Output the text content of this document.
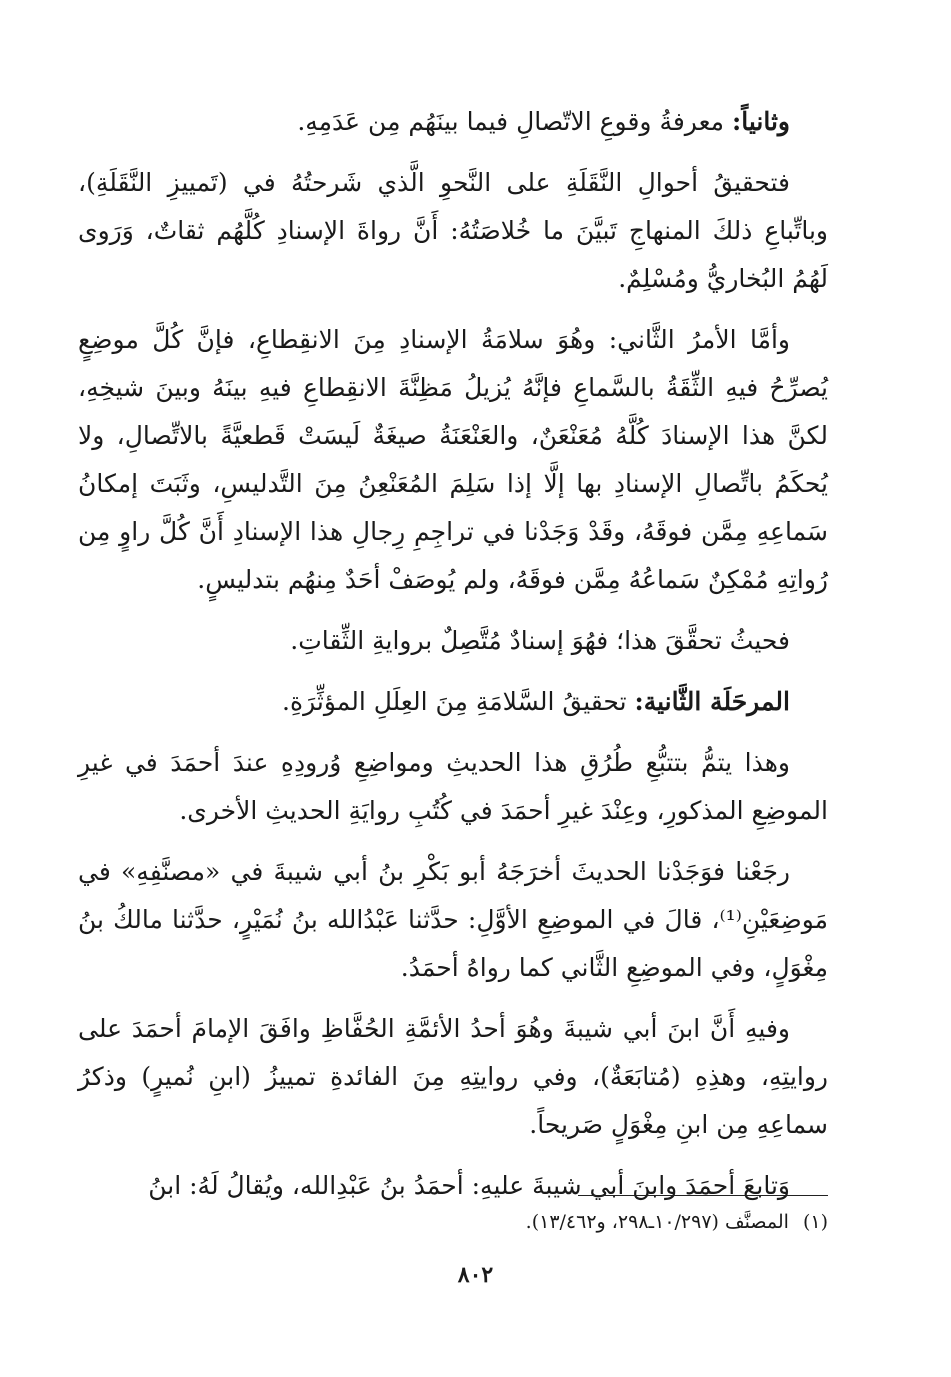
وثانياً: معرفةُ وقوعِ الاتّصالِ فيما بينَهُم مِن عَدَمِهِ.

فتحقيقُ أحوالِ النَّقَلَةِ على النَّحوِ الَّذي شَرحتُهُ في (تَمييزِ النَّقَلَةِ)، وباتِّباعِ ذلكَ المنهاجِ تَبيَّنَ ما خُلاصَتُهُ: أَنَّ رواةَ الإسنادِ كُلَّهُم ثقاتٌ، وَرَوى لَهُمُ البُخاريُّ ومُسْلِمٌ.

وأمَّا الأمرُ الثَّاني: وهُوَ سلامَةُ الإسنادِ مِنَ الانقِطاعِ، فإنَّ كُلَّ موضِعٍ يُصرِّحُ فيهِ الثِّقَةُ بالسَّماعِ فإنَّهُ يُزيلُ مَظِنَّةَ الانقِطاعِ فيهِ بينَهُ وبينَ شيخِهِ، لكنَّ هذا الإسنادَ كُلَّهُ مُعَنْعَنٌ، والعَنْعَنَةُ صيغَةٌ لَيسَتْ قَطعيَّةً بالاتِّصالِ، ولا يُحكَمُ باتِّصالِ الإسنادِ بها إلَّا إذا سَلِمَ المُعَنْعِنُ مِنَ التَّدليسِ، وثَبَتَ إمكانُ سَماعِهِ مِمَّن فوقَهُ، وقَدْ وَجَدْنا في تراجِمِ رِجالِ هذا الإسنادِ أَنَّ كُلَّ راوٍ مِن رُواتِهِ مُمْكِنٌ سَماعُهُ مِمَّن فوقَهُ، ولم يُوصَفْ أحَدٌ مِنهُم بتدليسٍ.

فحيثُ تحقَّقَ هذا؛ فهُوَ إسنادٌ مُتَّصِلٌ بروايةِ الثِّقاتِ.

المرحَلَة الثَّانية: تحقيقُ السَّلامَةِ مِنَ العِلَلِ المؤثِّرَةِ.

وهذا يتمُّ بتتبُّعِ طُرُقِ هذا الحديثِ ومواضِعِ وُرودِهِ عندَ أحمَدَ في غيرِ الموضِعِ المذكورِ، وعِنْدَ غيرِ أحمَدَ في كُتُبِ روايَةِ الحديثِ الأخرى.

رجَعْنا فوَجَدْنا الحديثَ أخرَجَهُ أبو بَكْرِ بنُ أبي شيبةَ في «مصنَّفِهِ» في مَوضِعَيْنِ⁽¹⁾، قالَ في الموضِعِ الأوَّلِ: حدَّثنا عَبْدُالله بنُ نُمَيْرٍ، حدَّثنا مالكُ بنُ مِغْوَلٍ، وفي الموضِعِ الثَّاني كما رواهُ أحمَدُ.

وفيهِ أَنَّ ابنَ أبي شيبةَ وهُوَ أحدُ الأئمَّةِ الحُفَّاظِ وافَقَ الإمامَ أحمَدَ على روايتِهِ، وهذِهِ (مُتابَعَةٌ)، وفي روايتِهِ مِنَ الفائدةِ تمييزُ (ابنِ نُميرٍ) وذكرُ سماعِهِ مِن ابنِ مِغْوَلٍ صَريحاً.

وَتابعَ أحمَدَ وابنَ أبي شيبةَ عليهِ: أحمَدُ بنُ عَبْدِالله، ويُقالُ لَهُ: ابنُ

(١)المصنَّف (١٠/٢٩٧ـ٢٩٨، و١٣/٤٦٢).
٨٠٢
